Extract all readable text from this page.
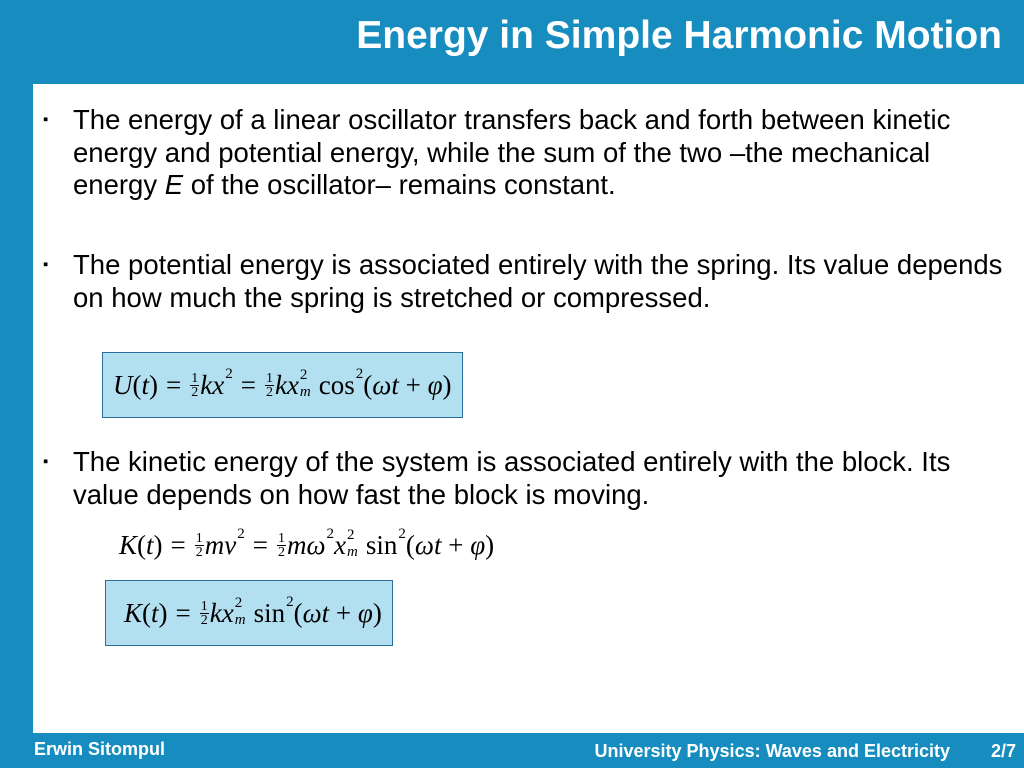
Energy in Simple Harmonic Motion
▪ The energy of a linear oscillator transfers back and forth between kinetic energy and potential energy, while the sum of the two –the mechanical energy E of the oscillator– remains constant.
▪ The potential energy is associated entirely with the spring. Its value depends on how much the spring is stretched or compressed.
U ( t ) = $\frac{1}{2}$ kx $2 = \frac{1}{2}$ kx 2
m cos 2 ( ωt + φ )
▪ The kinetic energy of the system is associated entirely with the block. Its value depends on how fast the block is moving.
K ( t ) = $\frac{1}{2}$ mv $2 = \frac{1}{2}$ mω 2 x 2
m sin 2 ( ωt + φ )
K ( t ) = $\frac{1}{2}$ kx 2
m sin 2 ( ωt + φ )
Erwin Sitompul	University Physics: Waves and Electricity 2/7
